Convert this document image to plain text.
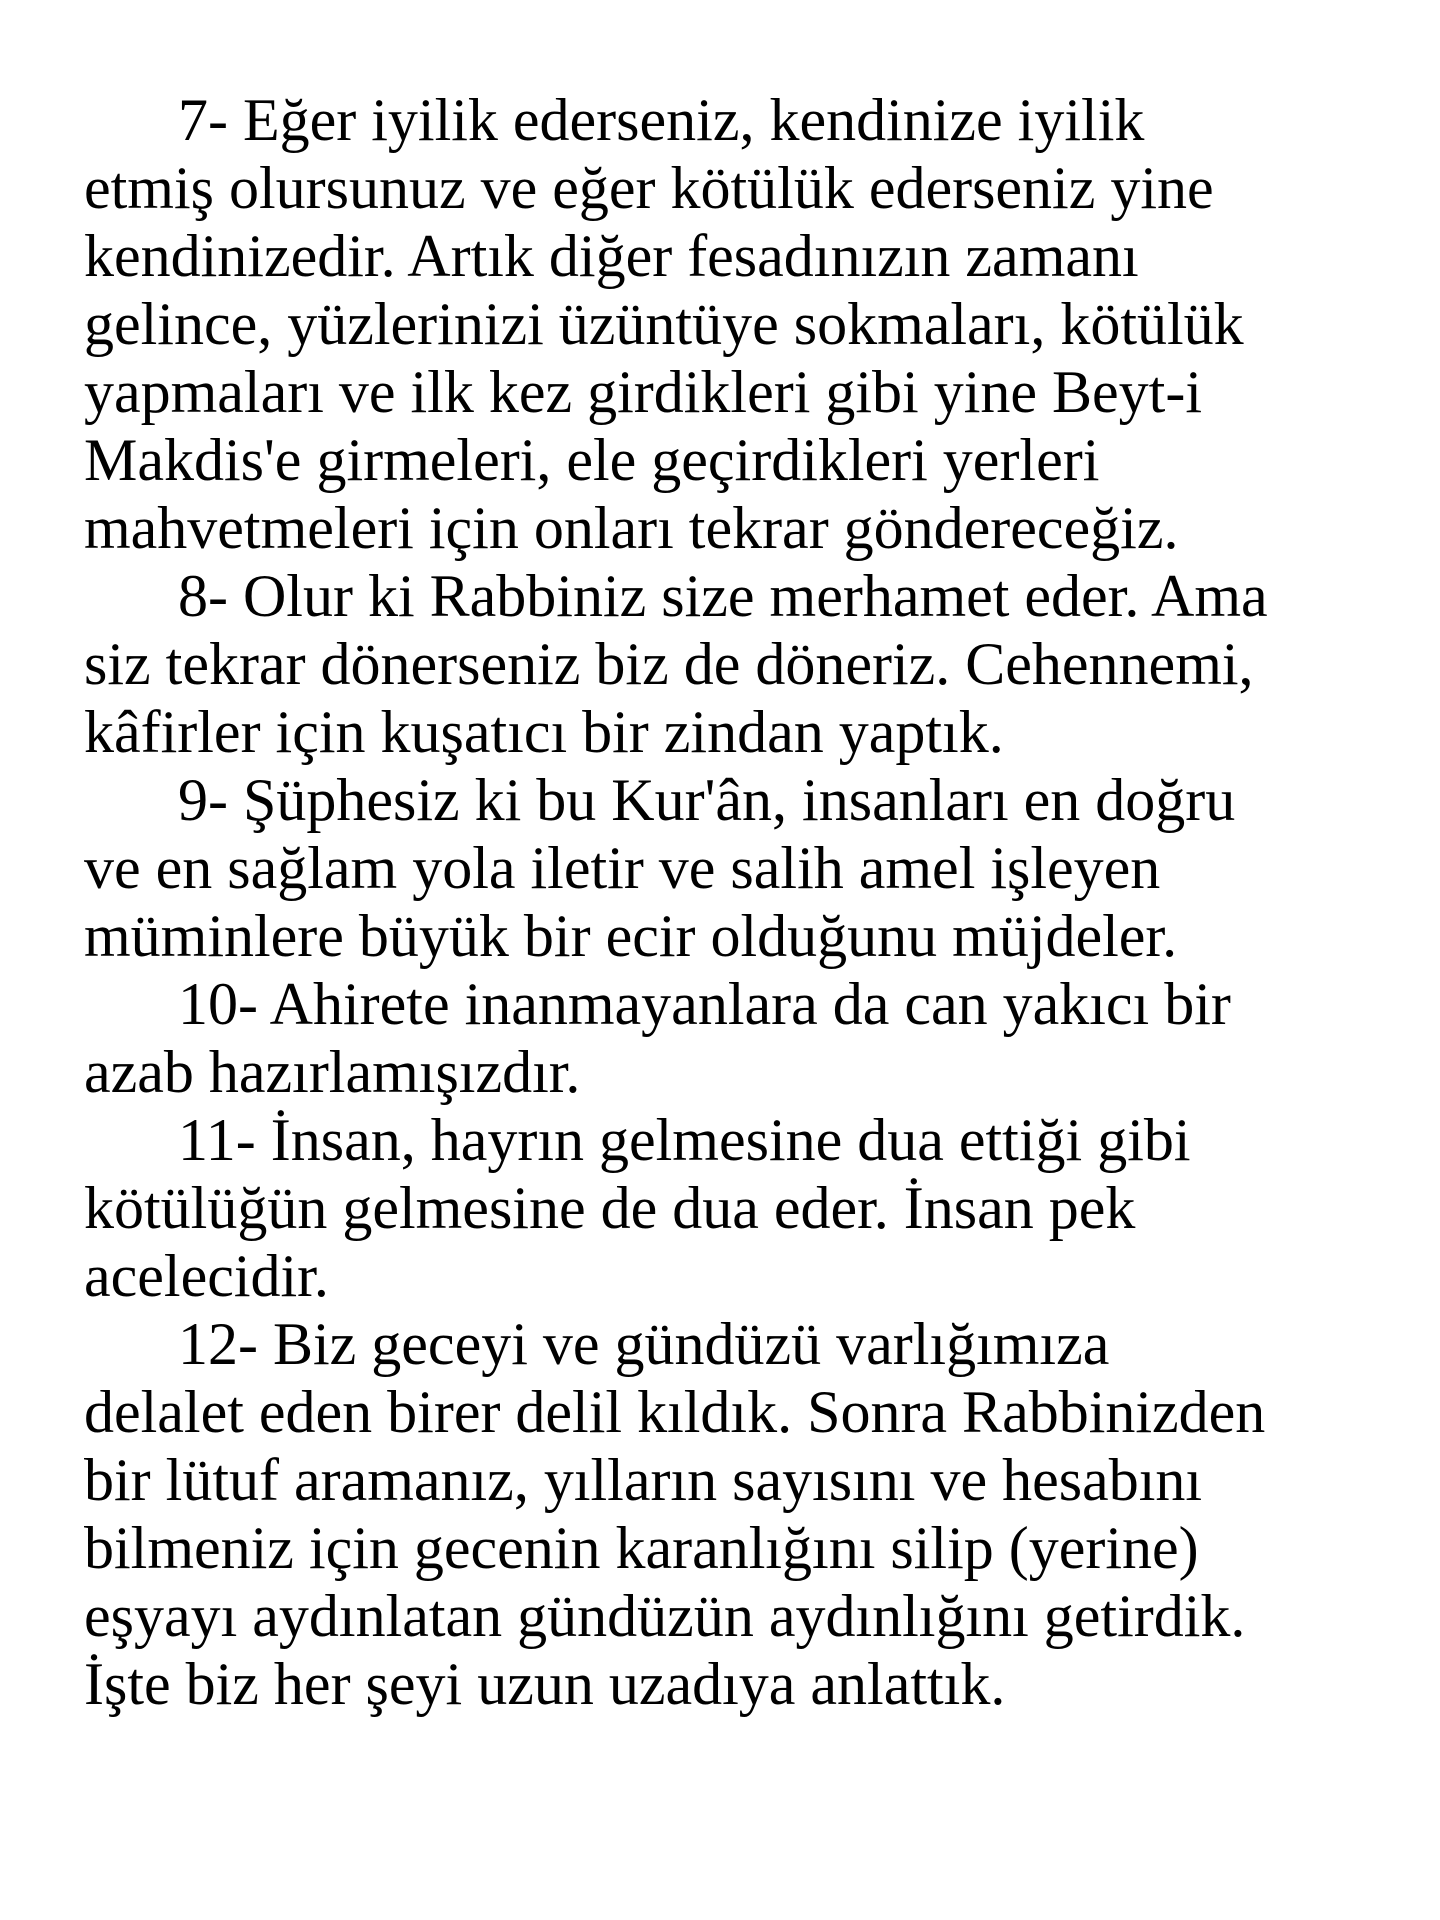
7- Eğer iyilik ederseniz, kendinize iyilik
etmiş olursunuz ve eğer kötülük ederseniz yine
kendinizedir. Artık diğer fesadınızın zamanı
gelince, yüzlerinizi üzüntüye sokmaları, kötülük
yapmaları ve ilk kez girdikleri gibi yine Beyt-i
Makdis'e girmeleri, ele geçirdikleri yerleri
mahvetmeleri için onları tekrar göndereceğiz.
8- Olur ki Rabbiniz size merhamet eder. Ama
siz tekrar dönerseniz biz de döneriz. Cehennemi,
kâfirler için kuşatıcı bir zindan yaptık.
9- Şüphesiz ki bu Kur'ân, insanları en doğru
ve en sağlam yola iletir ve salih amel işleyen
müminlere büyük bir ecir olduğunu müjdeler.
10- Ahirete inanmayanlara da can yakıcı bir
azab hazırlamışızdır.
11- İnsan, hayrın gelmesine dua ettiği gibi
kötülüğün gelmesine de dua eder. İnsan pek
acelecidir.
12- Biz geceyi ve gündüzü varlığımıza
delalet eden birer delil kıldık. Sonra Rabbinizden
bir lütuf aramanız, yılların sayısını ve hesabını
bilmeniz için gecenin karanlığını silip (yerine)
eşyayı aydınlatan gündüzün aydınlığını getirdik.
İşte biz her şeyi uzun uzadıya anlattık.
